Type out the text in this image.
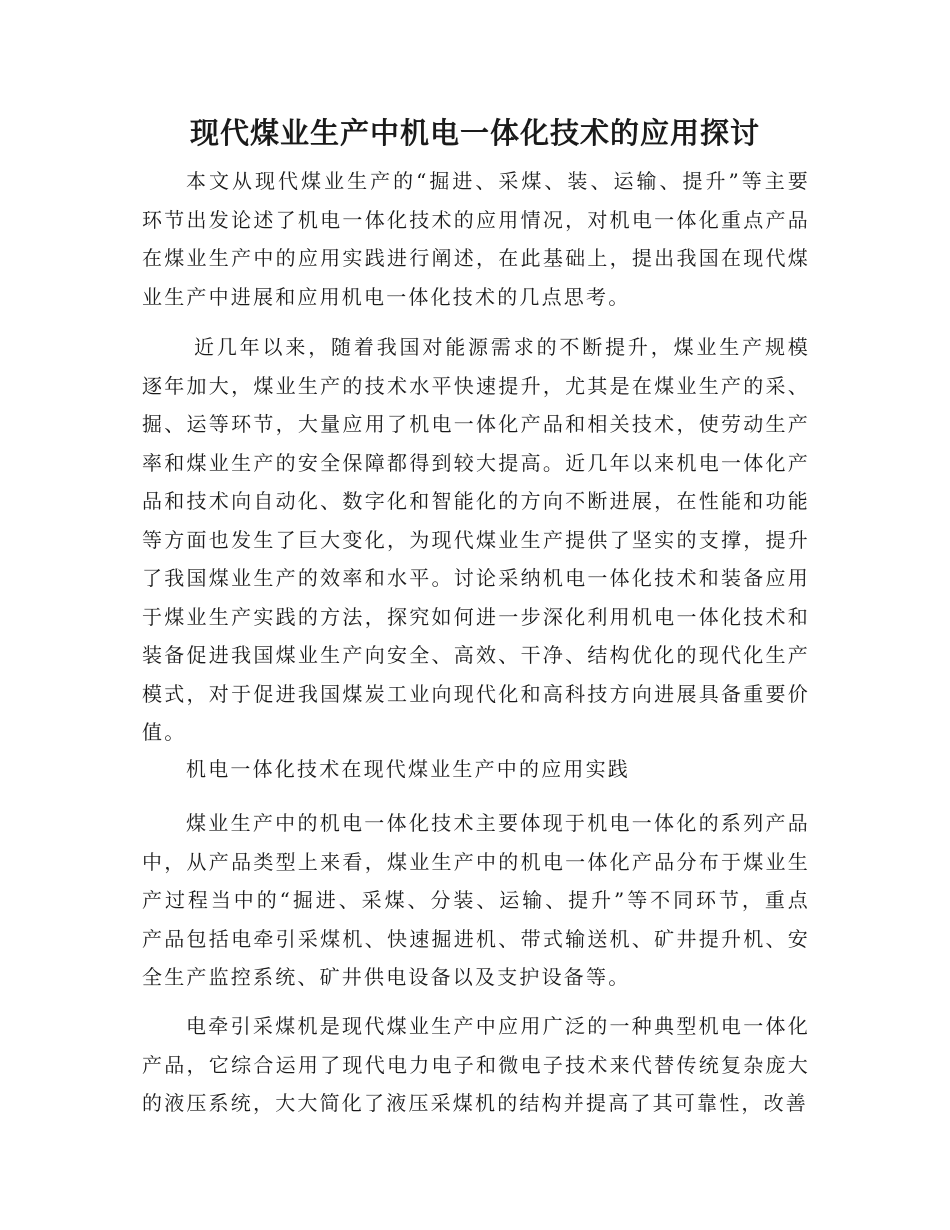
现代煤业生产中机电一体化技术的应用探讨

本文从现代煤业生产的“掘进、采煤、装、运输、提升”等主要环节出发论述了机电一体化技术的应用情况，对机电一体化重点产品在煤业生产中的应用实践进行阐述，在此基础上，提出我国在现代煤业生产中进展和应用机电一体化技术的几点思考。

近几年以来，随着我国对能源需求的不断提升，煤业生产规模逐年加大，煤业生产的技术水平快速提升，尤其是在煤业生产的采、掘、运等环节，大量应用了机电一体化产品和相关技术，使劳动生产率和煤业生产的安全保障都得到较大提高。近几年以来机电一体化产品和技术向自动化、数字化和智能化的方向不断进展，在性能和功能等方面也发生了巨大变化，为现代煤业生产提供了坚实的支撑，提升了我国煤业生产的效率和水平。讨论采纳机电一体化技术和装备应用于煤业生产实践的方法，探究如何进一步深化利用机电一体化技术和装备促进我国煤业生产向安全、高效、干净、结构优化的现代化生产模式，对于促进我国煤炭工业向现代化和高科技方向进展具备重要价值。

机电一体化技术在现代煤业生产中的应用实践

煤业生产中的机电一体化技术主要体现于机电一体化的系列产品中，从产品类型上来看，煤业生产中的机电一体化产品分布于煤业生产过程当中的“掘进、采煤、分装、运输、提升”等不同环节，重点产品包括电牵引采煤机、快速掘进机、带式输送机、矿井提升机、安全生产监控系统、矿井供电设备以及支护设备等。

电牵引采煤机是现代煤业生产中应用广泛的一种典型机电一体化产品，它综合运用了现代电力电子和微电子技术来代替传统复杂庞大的液压系统，大大简化了液压采煤机的结构并提高了其可靠性，改善
